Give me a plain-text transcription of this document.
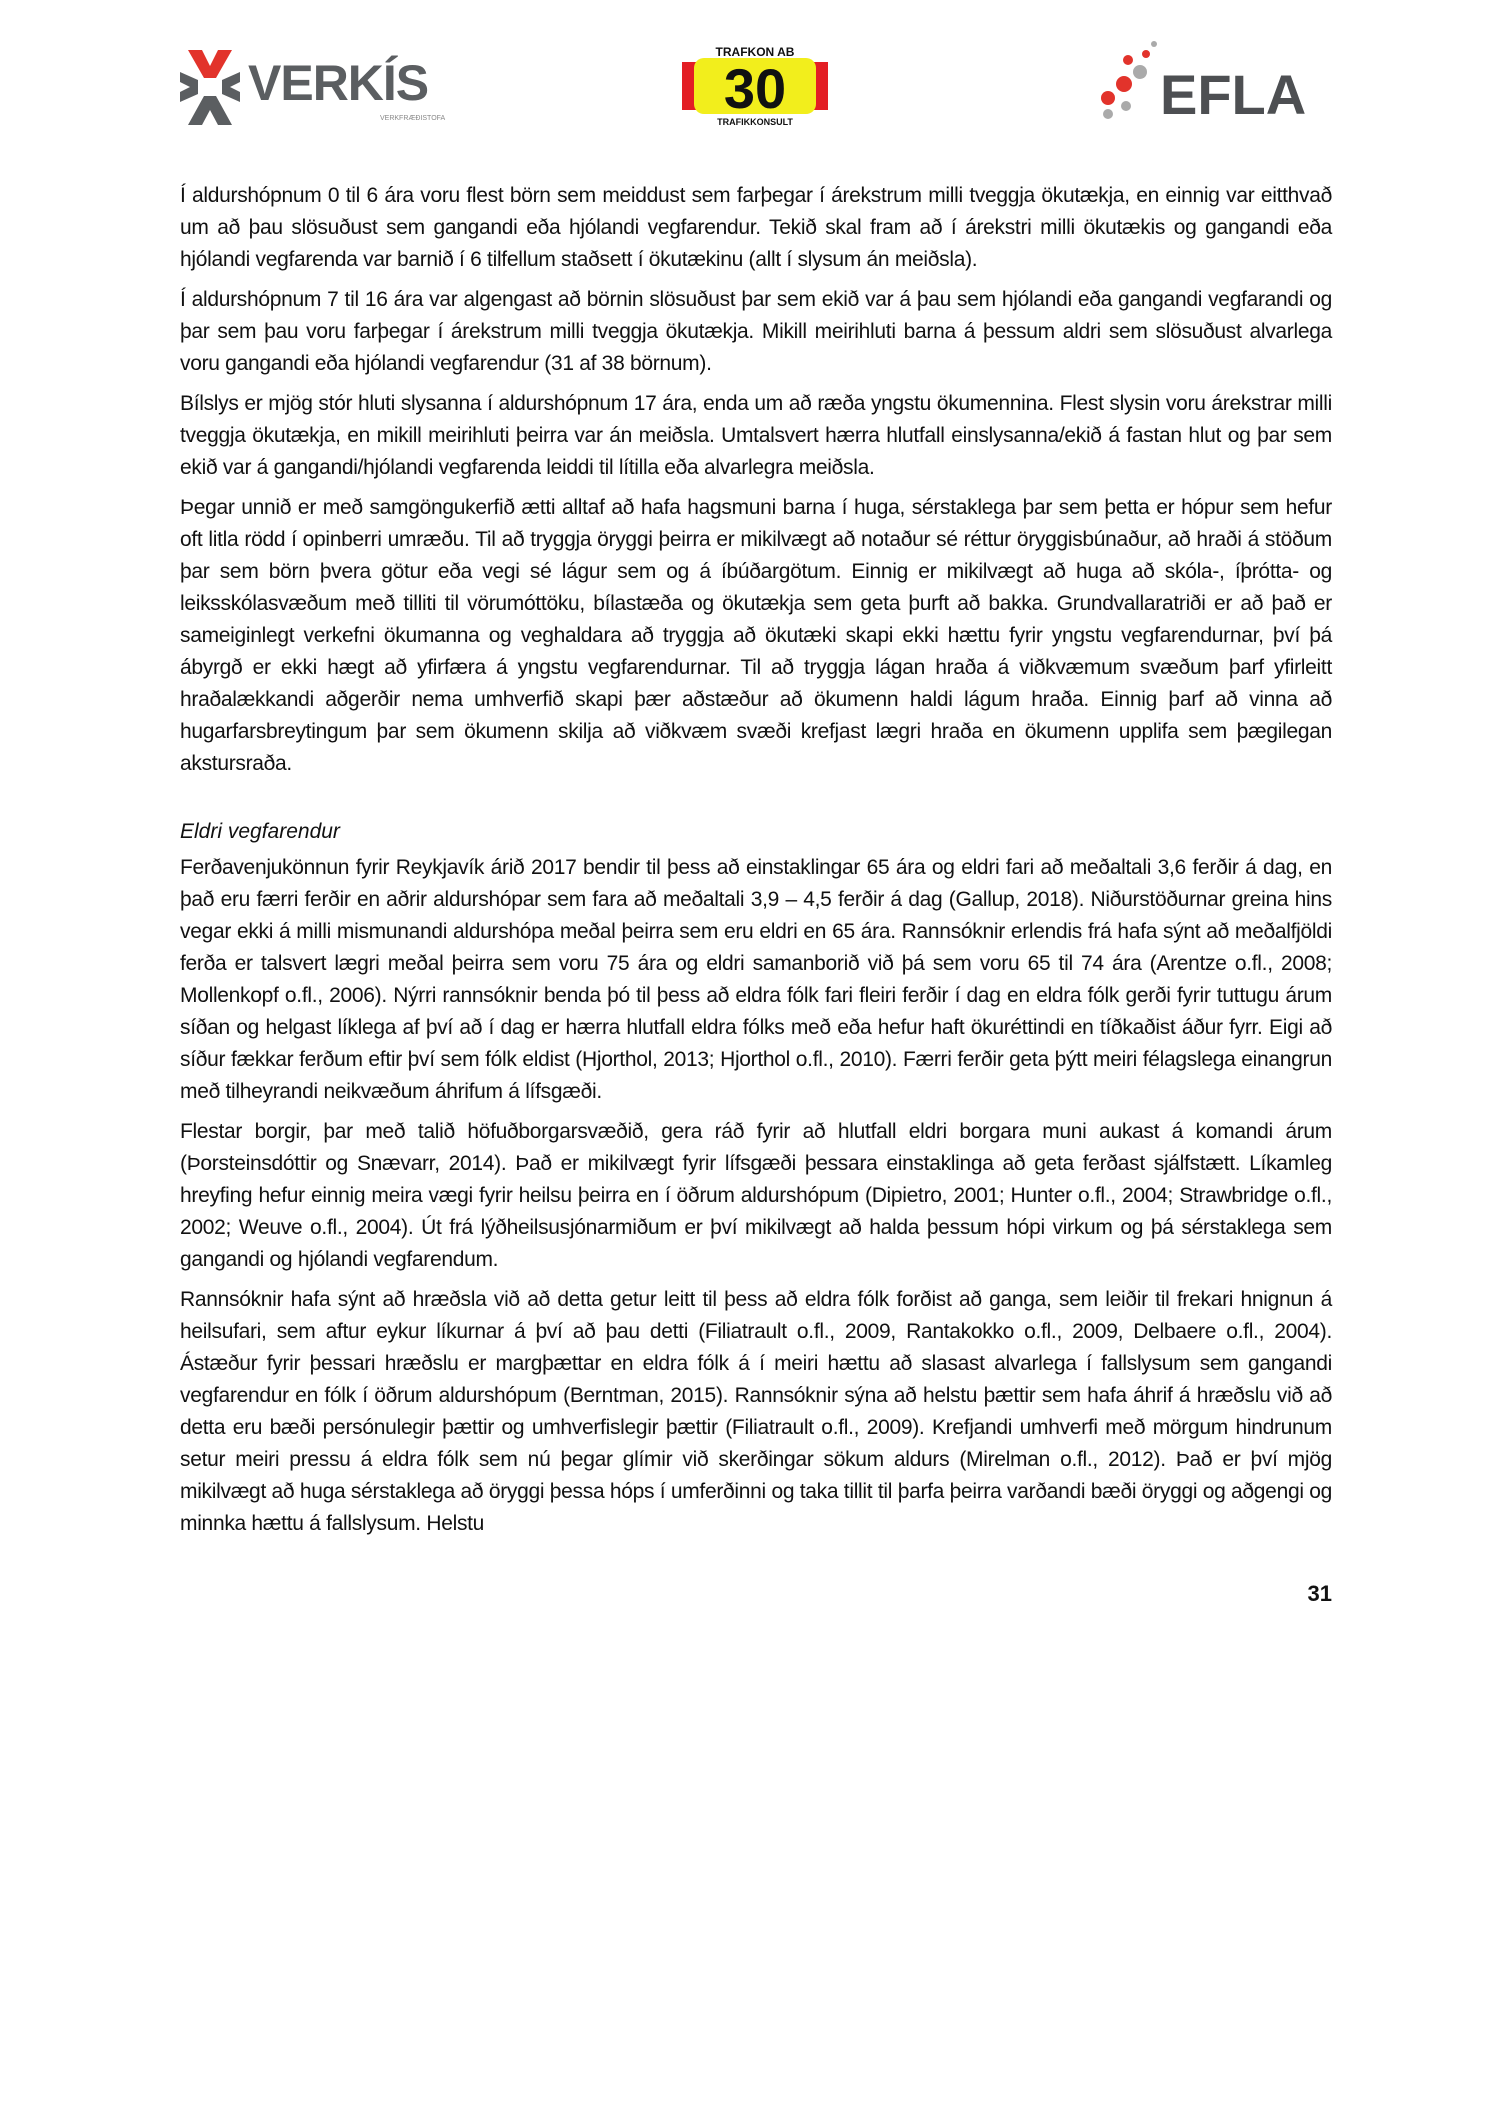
VERKÍS
VERKFRÆÐISTOFA
TRAFKON AB
30
TRAFIKKONSULT	EFLA

Í aldurshópnum 0 til 6 ára voru flest börn sem meiddust sem farþegar í árekstrum milli tveggja ökutækja, en einnig var eitthvað um að þau slösuðust sem gangandi eða hjólandi vegfarendur. Tekið skal fram að í árekstri milli ökutækis og gangandi eða hjólandi vegfarenda var barnið í 6 tilfellum staðsett í ökutækinu (allt í slysum án meiðsla).

Í aldurshópnum 7 til 16 ára var algengast að börnin slösuðust þar sem ekið var á þau sem hjólandi eða gangandi vegfarandi og þar sem þau voru farþegar í árekstrum milli tveggja ökutækja. Mikill meirihluti barna á þessum aldri sem slösuðust alvarlega voru gangandi eða hjólandi vegfarendur (31 af 38 börnum).

Bílslys er mjög stór hluti slysanna í aldurshópnum 17 ára, enda um að ræða yngstu ökumennina. Flest slysin voru árekstrar milli tveggja ökutækja, en mikill meirihluti þeirra var án meiðsla. Umtalsvert hærra hlutfall einslysanna/ekið á fastan hlut og þar sem ekið var á gangandi/hjólandi vegfarenda leiddi til lítilla eða alvarlegra meiðsla.

Þegar unnið er með samgöngukerfið ætti alltaf að hafa hagsmuni barna í huga, sérstaklega þar sem þetta er hópur sem hefur oft litla rödd í opinberri umræðu. Til að tryggja öryggi þeirra er mikilvægt að notaður sé réttur öryggisbúnaður, að hraði á stöðum þar sem börn þvera götur eða vegi sé lágur sem og á íbúðargötum. Einnig er mikilvægt að huga að skóla-, íþrótta- og leiksskólasvæðum með tilliti til vörumóttöku, bílastæða og ökutækja sem geta þurft að bakka. Grundvallaratriði er að það er sameiginlegt verkefni ökumanna og veghaldara að tryggja að ökutæki skapi ekki hættu fyrir yngstu vegfarendurnar, því þá ábyrgð er ekki hægt að yfirfæra á yngstu vegfarendurnar. Til að tryggja lágan hraða á viðkvæmum svæðum þarf yfirleitt hraðalækkandi aðgerðir nema umhverfið skapi þær aðstæður að ökumenn haldi lágum hraða. Einnig þarf að vinna að hugarfarsbreytingum þar sem ökumenn skilja að viðkvæm svæði krefjast lægri hraða en ökumenn upplifa sem þægilegan akstursraða.

Eldri vegfarendur

Ferðavenjukönnun fyrir Reykjavík árið 2017 bendir til þess að einstaklingar 65 ára og eldri fari að meðaltali 3,6 ferðir á dag, en það eru færri ferðir en aðrir aldurshópar sem fara að meðaltali 3,9 – 4,5 ferðir á dag (Gallup, 2018). Niðurstöðurnar greina hins vegar ekki á milli mismunandi aldurshópa meðal þeirra sem eru eldri en 65 ára. Rannsóknir erlendis frá hafa sýnt að meðalfjöldi ferða er talsvert lægri meðal þeirra sem voru 75 ára og eldri samanborið við þá sem voru 65 til 74 ára (Arentze o.fl., 2008; Mollenkopf o.fl., 2006). Nýrri rannsóknir benda þó til þess að eldra fólk fari fleiri ferðir í dag en eldra fólk gerði fyrir tuttugu árum síðan og helgast líklega af því að í dag er hærra hlutfall eldra fólks með eða hefur haft ökuréttindi en tíðkaðist áður fyrr. Eigi að síður fækkar ferðum eftir því sem fólk eldist (Hjorthol, 2013; Hjorthol o.fl., 2010). Færri ferðir geta þýtt meiri félagslega einangrun með tilheyrandi neikvæðum áhrifum á lífsgæði.

Flestar borgir, þar með talið höfuðborgarsvæðið, gera ráð fyrir að hlutfall eldri borgara muni aukast á komandi árum (Þorsteinsdóttir og Snævarr, 2014). Það er mikilvægt fyrir lífsgæði þessara einstaklinga að geta ferðast sjálfstætt. Líkamleg hreyfing hefur einnig meira vægi fyrir heilsu þeirra en í öðrum aldurshópum (Dipietro, 2001; Hunter o.fl., 2004; Strawbridge o.fl., 2002; Weuve o.fl., 2004). Út frá lýðheilsusjónarmiðum er því mikilvægt að halda þessum hópi virkum og þá sérstaklega sem gangandi og hjólandi vegfarendum.

Rannsóknir hafa sýnt að hræðsla við að detta getur leitt til þess að eldra fólk forðist að ganga, sem leiðir til frekari hnignun á heilsufari, sem aftur eykur líkurnar á því að þau detti (Filiatrault o.fl., 2009, Rantakokko o.fl., 2009, Delbaere o.fl., 2004). Ástæður fyrir þessari hræðslu er margþættar en eldra fólk á í meiri hættu að slasast alvarlega í fallslysum sem gangandi vegfarendur en fólk í öðrum aldurshópum (Berntman, 2015). Rannsóknir sýna að helstu þættir sem hafa áhrif á hræðslu við að detta eru bæði persónulegir þættir og umhverfislegir þættir (Filiatrault o.fl., 2009). Krefjandi umhverfi með mörgum hindrunum setur meiri pressu á eldra fólk sem nú þegar glímir við skerðingar sökum aldurs (Mirelman o.fl., 2012). Það er því mjög mikilvægt að huga sérstaklega að öryggi þessa hóps í umferðinni og taka tillit til þarfa þeirra varðandi bæði öryggi og aðgengi og minnka hættu á fallslysum. Helstu

31
